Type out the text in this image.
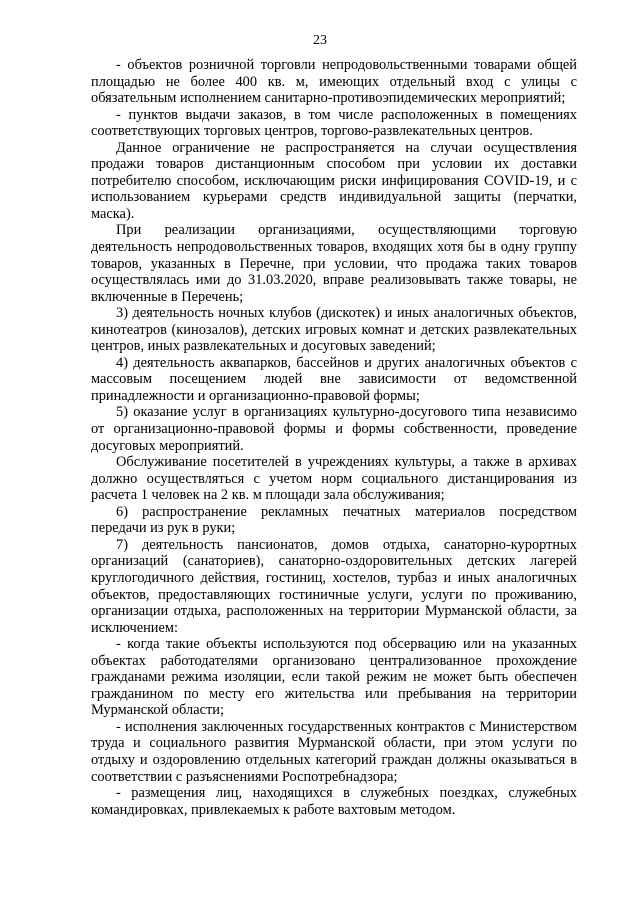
23

- объектов розничной торговли непродовольственными товарами общей площадью не более 400 кв. м, имеющих отдельный вход с улицы с обязательным исполнением санитарно-противоэпидемических мероприятий;

- пунктов выдачи заказов, в том числе расположенных в помещениях соответствующих торговых центров, торгово-развлекательных центров.

Данное ограничение не распространяется на случаи осуществления продажи товаров дистанционным способом при условии их доставки потребителю способом, исключающим риски инфицирования COVID-19, и с использованием курьерами средств индивидуальной защиты (перчатки, маска).

При реализации организациями, осуществляющими торговую деятельность непродовольственных товаров, входящих хотя бы в одну группу товаров, указанных в Перечне, при условии, что продажа таких товаров осуществлялась ими до 31.03.2020, вправе реализовывать также товары, не включенные в Перечень;

3) деятельность ночных клубов (дискотек) и иных аналогичных объектов, кинотеатров (кинозалов), детских игровых комнат и детских развлекательных центров, иных развлекательных и досуговых заведений;

4) деятельность аквапарков, бассейнов и других аналогичных объектов с массовым посещением людей вне зависимости от ведомственной принадлежности и организационно-правовой формы;

5) оказание услуг в организациях культурно-досугового типа независимо от организационно-правовой формы и формы собственности, проведение досуговых мероприятий.

Обслуживание посетителей в учреждениях культуры, а также в архивах должно осуществляться с учетом норм социального дистанцирования из расчета 1 человек на 2 кв. м площади зала обслуживания;

6) распространение рекламных печатных материалов посредством передачи из рук в руки;

7) деятельность пансионатов, домов отдыха, санаторно-курортных организаций (санаториев), санаторно-оздоровительных детских лагерей круглогодичного действия, гостиниц, хостелов, турбаз и иных аналогичных объектов, предоставляющих гостиничные услуги, услуги по проживанию, организации отдыха, расположенных на территории Мурманской области, за исключением:

- когда такие объекты используются под обсервацию или на указанных объектах работодателями организовано централизованное прохождение гражданами режима изоляции, если такой режим не может быть обеспечен гражданином по месту его жительства или пребывания на территории Мурманской области;

- исполнения заключенных государственных контрактов с Министерством труда и социального развития Мурманской области, при этом услуги по отдыху и оздоровлению отдельных категорий граждан должны оказываться в соответствии с разъяснениями Роспотребнадзора;

- размещения лиц, находящихся в служебных поездках, служебных командировках, привлекаемых к работе вахтовым методом.
